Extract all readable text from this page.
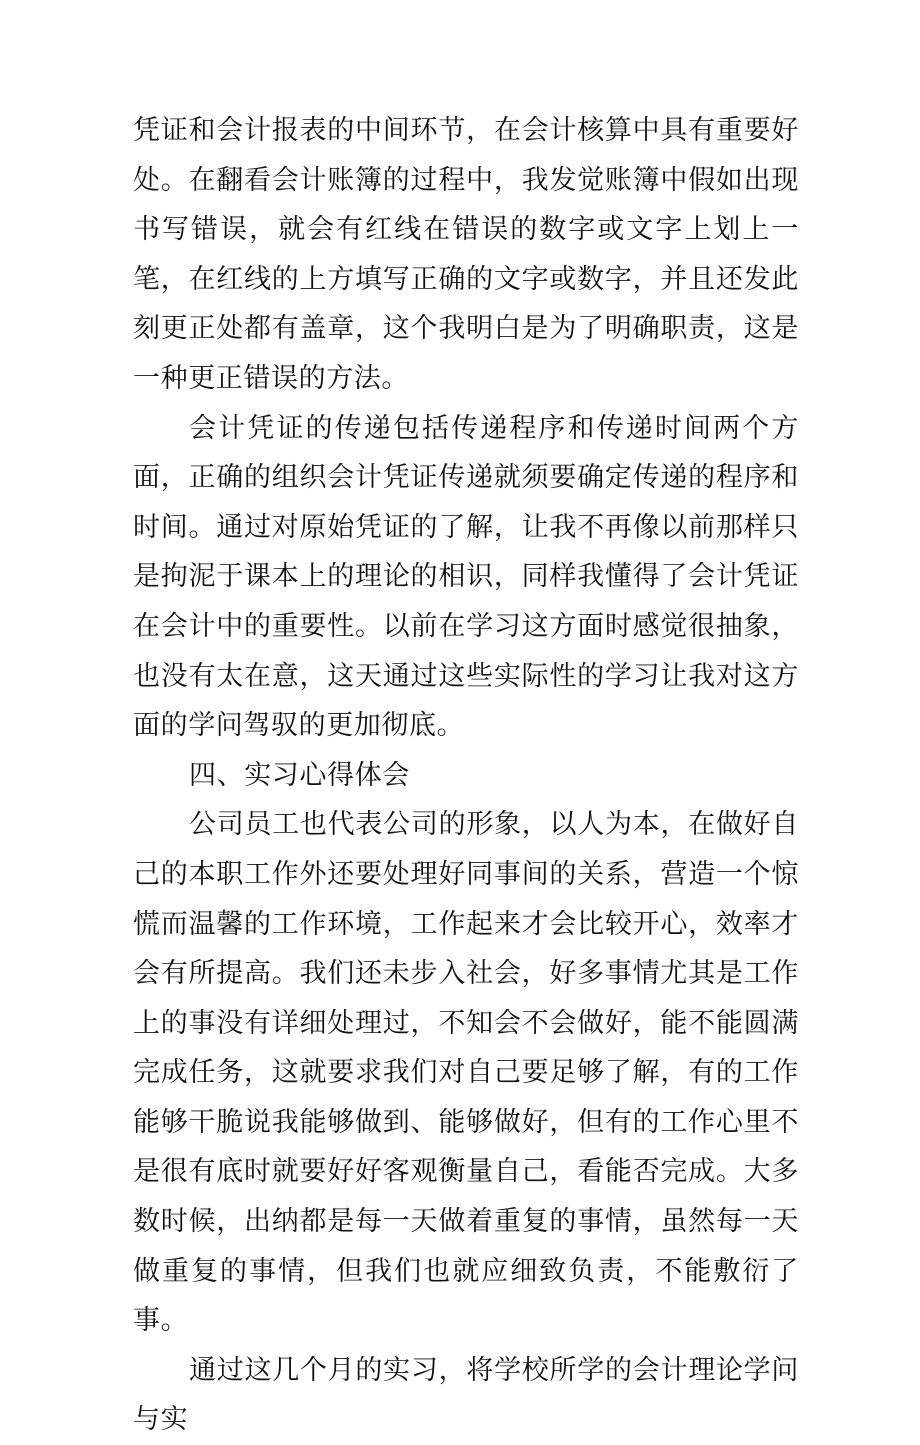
凭证和会计报表的中间环节，在会计核算中具有重要好处。在翻看会计账簿的过程中，我发觉账簿中假如出现书写错误，就会有红线在错误的数字或文字上划上一笔，在红线的上方填写正确的文字或数字，并且还发此刻更正处都有盖章，这个我明白是为了明确职责，这是一种更正错误的方法。

会计凭证的传递包括传递程序和传递时间两个方面，正确的组织会计凭证传递就须要确定传递的程序和时间。通过对原始凭证的了解，让我不再像以前那样只是拘泥于课本上的理论的相识，同样我懂得了会计凭证在会计中的重要性。以前在学习这方面时感觉很抽象，也没有太在意，这天通过这些实际性的学习让我对这方面的学问驾驭的更加彻底。

四、实习心得体会

公司员工也代表公司的形象，以人为本，在做好自己的本职工作外还要处理好同事间的关系，营造一个惊慌而温馨的工作环境，工作起来才会比较开心，效率才会有所提高。我们还未步入社会，好多事情尤其是工作上的事没有详细处理过，不知会不会做好，能不能圆满完成任务，这就要求我们对自己要足够了解，有的工作能够干脆说我能够做到、能够做好，但有的工作心里不是很有底时就要好好客观衡量自己，看能否完成。大多数时候，出纳都是每一天做着重复的事情，虽然每一天做重复的事情，但我们也就应细致负责，不能敷衍了事。

通过这几个月的实习，将学校所学的会计理论学问与实
